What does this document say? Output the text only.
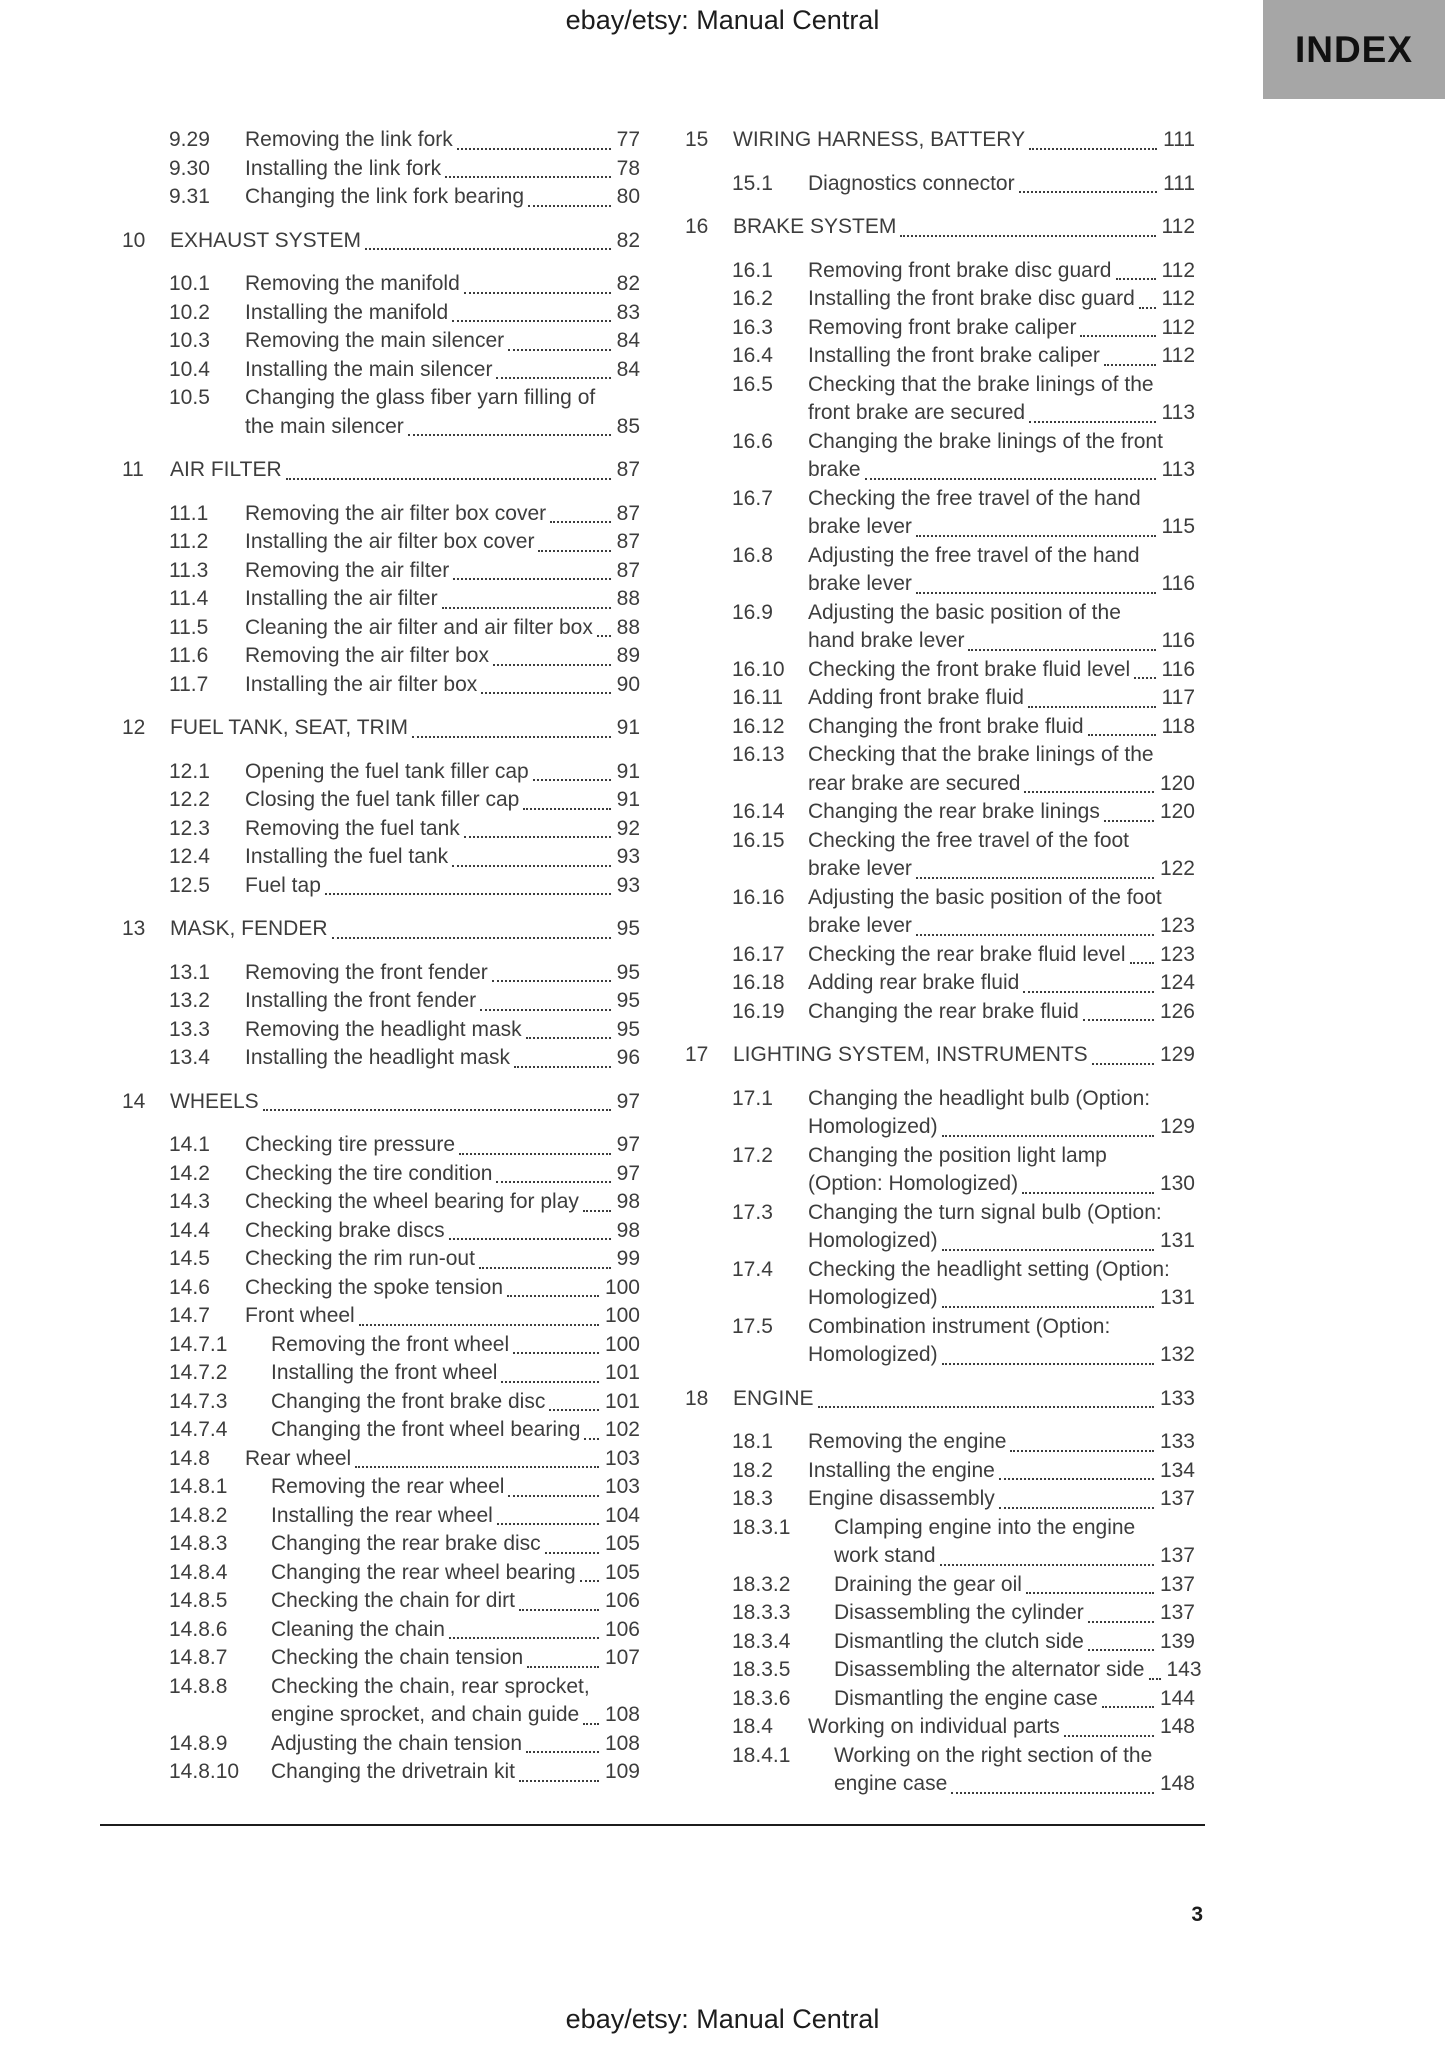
ebay/etsy: Manual Central
INDEX
9.29	Removing the link fork	77
9.30	Installing the link fork	78
9.31	Changing the link fork bearing	80
10	EXHAUST SYSTEM	82
10.1	Removing the manifold	82
10.2	Installing the manifold	83
10.3	Removing the main silencer	84
10.4	Installing the main silencer	84
10.5	Changing the glass fiber yarn filling of
the main silencer	85
11	AIR FILTER	87
11.1	Removing the air filter box cover	87
11.2	Installing the air filter box cover	87
11.3	Removing the air filter	87
11.4	Installing the air filter	88
11.5	Cleaning the air filter and air filter box 88
11.6	Removing the air filter box	89
11.7	Installing the air filter box	90
12	FUEL TANK, SEAT, TRIM	91
12.1	Opening the fuel tank filler cap	91
12.2	Closing the fuel tank filler cap	91
12.3	Removing the fuel tank	92
12.4	Installing the fuel tank	93
12.5	Fuel tap	93
13	MASK, FENDER	95
13.1	Removing the front fender	95
13.2	Installing the front fender	95
13.3	Removing the headlight mask	95
13.4	Installing the headlight mask	96
14	WHEELS	97
14.1	Checking tire pressure	97
14.2	Checking the tire condition	97
14.3	Checking the wheel bearing for play 98
14.4	Checking brake discs	98
14.5	Checking the rim run-out	99
14.6	Checking the spoke tension	100
14.7	Front wheel	100
14.7.1	Removing the front wheel	100
14.7.2	Installing the front wheel	101
14.7.3	Changing the front brake disc	101
14.7.4	Changing the front wheel bearing 102
14.8	Rear wheel	103
14.8.1	Removing the rear wheel	103
14.8.2	Installing the rear wheel	104
14.8.3	Changing the rear brake disc	105
14.8.4	Changing the rear wheel bearing 105
14.8.5	Checking the chain for dirt	106
14.8.6	Cleaning the chain	106
14.8.7	Checking the chain tension	107
14.8.8	Checking the chain, rear sprocket,
engine sprocket, and chain guide 108
14.8.9	Adjusting the chain tension	108
14.8.10	Changing the drivetrain kit	109
15	WIRING HARNESS, BATTERY	111
15.1	Diagnostics connector	111
16	BRAKE SYSTEM	112
16.1	Removing front brake disc guard 112
16.2	Installing the front brake disc guard 112
16.3	Removing front brake caliper	112
16.4	Installing the front brake caliper	112
16.5	Checking that the brake linings of the
front brake are secured	113
16.6	Changing the brake linings of the front
brake	113
16.7	Checking the free travel of the hand
brake lever	115
16.8	Adjusting the free travel of the hand
brake lever	116
16.9	Adjusting the basic position of the
hand brake lever	116
16.10	Checking the front brake fluid level 116
16.11	Adding front brake fluid	117
16.12	Changing the front brake fluid	118
16.13	Checking that the brake linings of the
rear brake are secured	120
16.14	Changing the rear brake linings	120
16.15	Checking the free travel of the foot
brake lever	122
16.16	Adjusting the basic position of the foot
brake lever	123
16.17	Checking the rear brake fluid level 123
16.18	Adding rear brake fluid	124
16.19	Changing the rear brake fluid	126
17	LIGHTING SYSTEM, INSTRUMENTS	129
17.1	Changing the headlight bulb (Option:
Homologized)	129
17.2	Changing the position light lamp
(Option: Homologized)	130
17.3	Changing the turn signal bulb (Option:
Homologized)	131
17.4	Checking the headlight setting (Option:
Homologized)	131
17.5	Combination instrument (Option:
Homologized)	132
18	ENGINE	133
18.1	Removing the engine	133
18.2	Installing the engine	134
18.3	Engine disassembly	137
18.3.1	Clamping engine into the engine
work stand	137
18.3.2	Draining the gear oil	137
18.3.3	Disassembling the cylinder	137
18.3.4	Dismantling the clutch side	139
18.3.5	Disassembling the alternator side 143
18.3.6	Dismantling the engine case	144
18.4	Working on individual parts	148
18.4.1	Working on the right section of the
engine case	148
3
ebay/etsy: Manual Central
